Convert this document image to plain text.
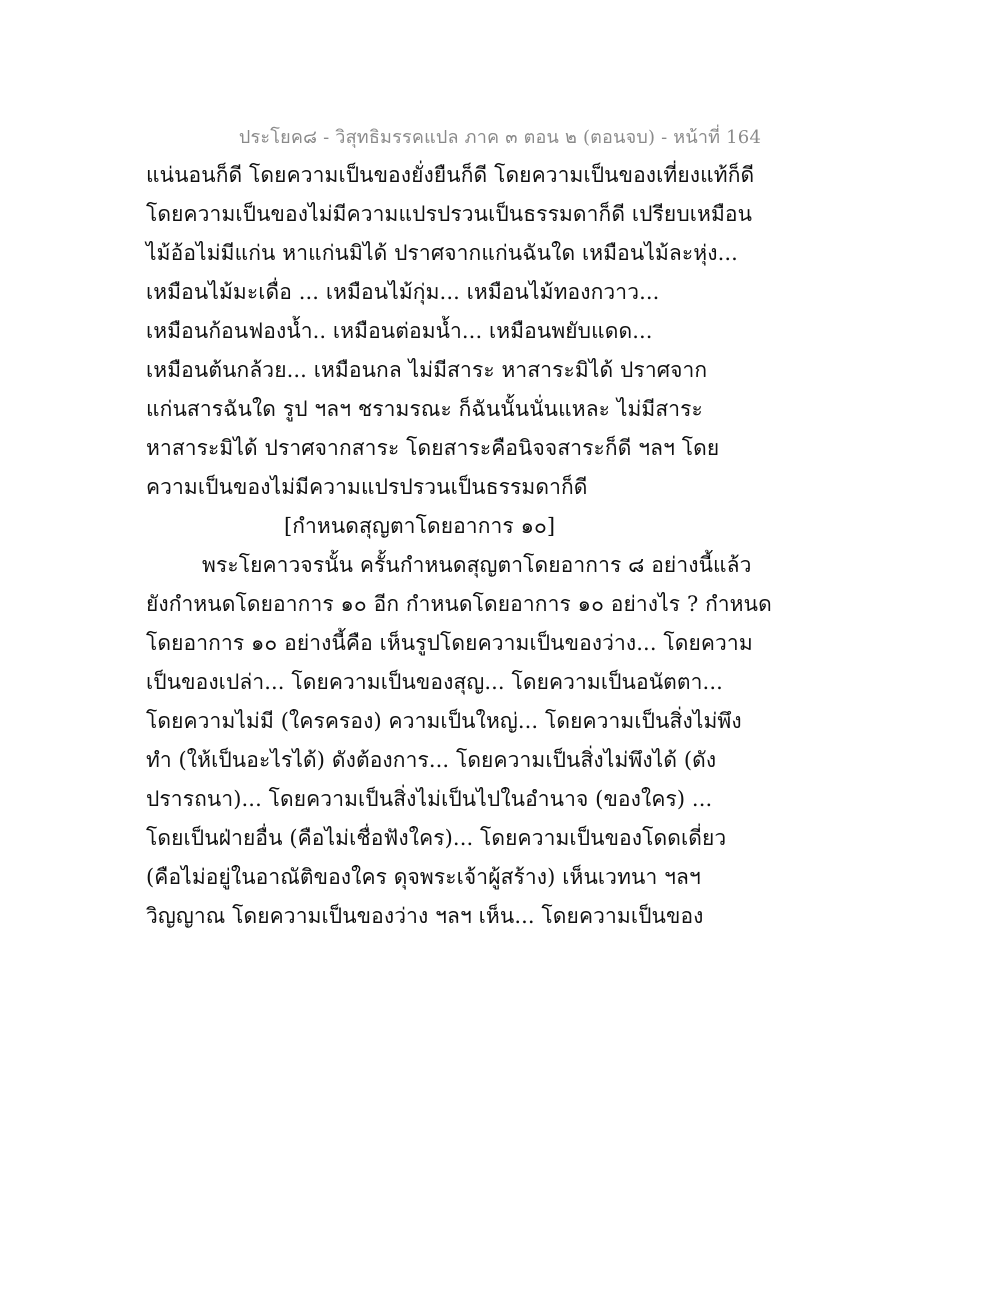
ประโยค๘ - วิสุทธิมรรคแปล ภาค ๓ ตอน ๒ (ตอนจบ) - หน้าที่ 164
แน่นอนก็ดี โดยความเป็นของยั่งยืนก็ดี โดยความเป็นของเที่ยงแท้ก็ดี
โดยความเป็นของไม่มีความแปรปรวนเป็นธรรมดาก็ดี เปรียบเหมือน
ไม้อ้อไม่มีแก่น หาแก่นมิได้ ปราศจากแก่นฉันใด เหมือนไม้ละหุ่ง...
เหมือนไม้มะเดื่อ ... เหมือนไม้กุ่ม... เหมือนไม้ทองกวาว...
เหมือนก้อนฟองน้ำ.. เหมือนต่อมน้ำ... เหมือนพยับแดด...
เหมือนต้นกล้วย... เหมือนกล ไม่มีสาระ หาสาระมิได้ ปราศจาก
แก่นสารฉันใด รูป ฯลฯ ชรามรณะ ก็ฉันนั้นนั่นแหละ ไม่มีสาระ
หาสาระมิได้ ปราศจากสาระ โดยสาระคือนิจจสาระก็ดี ฯลฯ โดย
ความเป็นของไม่มีความแปรปรวนเป็นธรรมดาก็ดี
[กำหนดสุญตาโดยอาการ ๑๐]
พระโยคาวจรนั้น ครั้นกำหนดสุญตาโดยอาการ ๘ อย่างนี้แล้ว
ยังกำหนดโดยอาการ ๑๐ อีก กำหนดโดยอาการ ๑๐ อย่างไร ? กำหนด
โดยอาการ ๑๐ อย่างนี้คือ เห็นรูปโดยความเป็นของว่าง... โดยความ
เป็นของเปล่า... โดยความเป็นของสุญ... โดยความเป็นอนัตตา...
โดยความไม่มี (ใครครอง) ความเป็นใหญ่... โดยความเป็นสิ่งไม่พึง
ทำ (ให้เป็นอะไรได้) ดังต้องการ... โดยความเป็นสิ่งไม่พึงได้ (ดัง
ปรารถนา)... โดยความเป็นสิ่งไม่เป็นไปในอำนาจ (ของใคร) ...
โดยเป็นฝ่ายอื่น (คือไม่เชื่อฟังใคร)... โดยความเป็นของโดดเดี่ยว
(คือไม่อยู่ในอาณัติของใคร ดุจพระเจ้าผู้สร้าง) เห็นเวทนา ฯลฯ
วิญญาณ โดยความเป็นของว่าง ฯลฯ เห็น... โดยความเป็นของ
